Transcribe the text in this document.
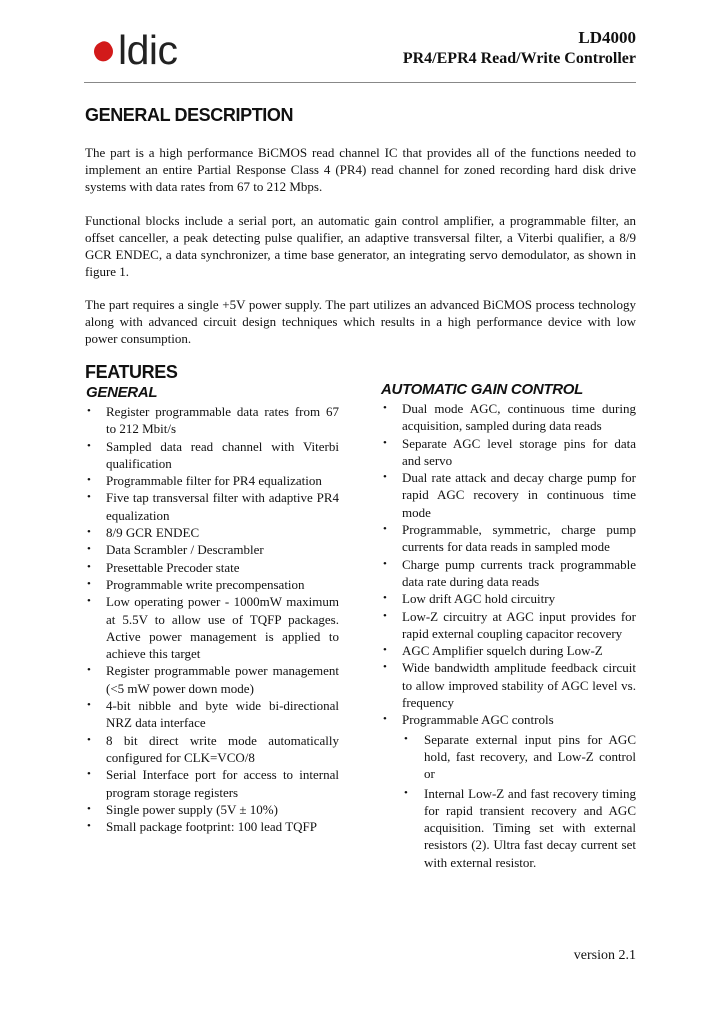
ldic	LD4000
PR4/EPR4 Read/Write Controller
GENERAL DESCRIPTION

The part is a high performance BiCMOS read channel IC that provides all of the functions needed to implement an entire Partial Response Class 4 (PR4) read channel for zoned recording hard disk drive systems with data rates from 67 to 212 Mbps.

Functional blocks include a serial port, an automatic gain control amplifier, a programmable filter, an offset canceller, a peak detecting pulse qualifier, an adaptive transversal filter, a Viterbi qualifier, a 8/9 GCR ENDEC, a data synchronizer, a time base generator, an integrating servo demodulator, as shown in figure 1.

The part requires a single +5V power supply. The part utilizes an advanced BiCMOS process technology along with advanced circuit design techniques which results in a high performance device with low power consumption.

FEATURES
GENERAL	AUTOMATIC GAIN CONTROL
• Register programmable data rates from 67 to 212 Mbit/s
• Sampled data read channel with Viterbi qualification
• Programmable filter for PR4 equalization
• Five tap transversal filter with adaptive PR4 equalization
• 8/9 GCR ENDEC
• Data Scrambler / Descrambler
• Presettable Precoder state
• Programmable write precompensation
• Low operating power - 1000mW maximum at 5.5V to allow use of TQFP packages. Active power management is applied to achieve this target
• Register programmable power management (<5 mW power down mode)
• 4-bit nibble and byte wide bi-directional NRZ data interface
• 8 bit direct write mode automatically configured for CLK=VCO/8
• Serial Interface port for access to internal program storage registers
• Single power supply (5V ± 10%)
• Small package footprint: 100 lead TQFP
• Dual mode AGC, continuous time during acquisition, sampled during data reads
• Separate AGC level storage pins for data and servo
• Dual rate attack and decay charge pump for rapid AGC recovery in continuous time mode
• Programmable, symmetric, charge pump currents for data reads in sampled mode
• Charge pump currents track programmable data rate during data reads
• Low drift AGC hold circuitry
• Low-Z circuitry at AGC input provides for rapid external coupling capacitor recovery
• AGC Amplifier squelch during Low-Z
• Wide bandwidth amplitude feedback circuit to allow improved stability of AGC level vs. frequency
• Programmable AGC controls
• Separate external input pins for AGC hold, fast recovery, and Low-Z control or
• Internal Low-Z and fast recovery timing for rapid transient recovery and AGC acquisition. Timing set with external resistors (2). Ultra fast decay current set with external resistor.
version 2.1
